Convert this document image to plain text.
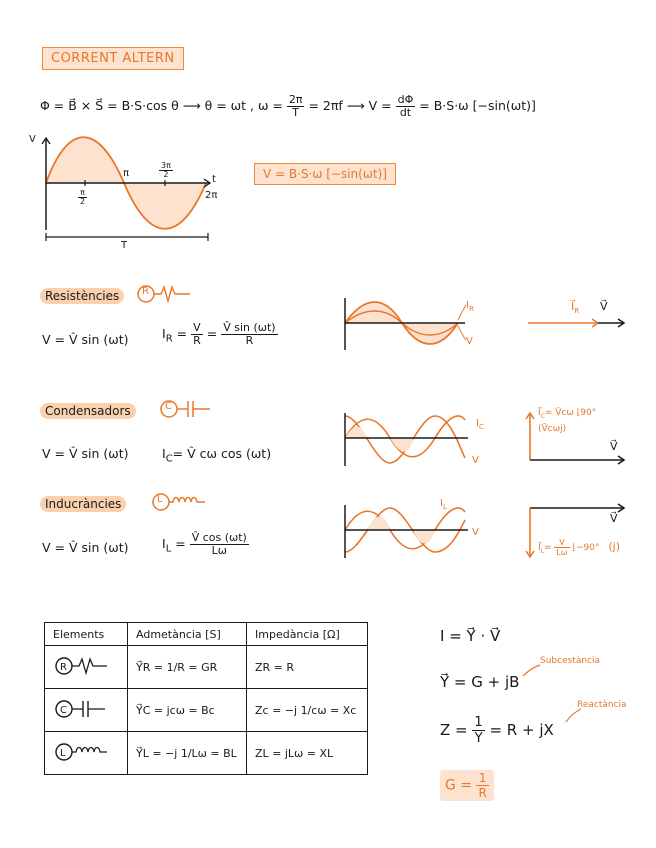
CORRENT ALTERN
Φ = B⃗ × S⃗ = B·S·cos θ ⟶ θ = ωt , $\omega = \frac{2\pi}{T} = 2\pi f$ ⟶ $V = \frac{d\Phi}{dt} = B\cdot S\cdot\omega$ [−sin(ωt)]
V
t
$\frac{\pi}{2}$
π	$\frac{3\pi}{2}$
2π
T
V = B·S·ω [−sin(ωt)]
Resistències	R
V = V̂ sin (ωt)	$I_R = \frac{V}{R} = \frac{V̂ \sin (\omega t)}{R}$
$I_R$
V
$I⃗_R$ V⃗
Condensadors	C
V = V̂ sin (ωt)	$I_C=$ V̂ cω cos (ωt)
$I_C$
V
$I⃗_C=$ V̂cω ⌊90°
(V̂cωj)
V⃗
Inducràncies	L
V = V̂ sin (ωt)	$I_L = \frac{V̂ \cos (\omega t)}{L\omega}$
$I_L$
V
V⃗
$I⃗_L= \frac{V}{L\omega}$ ⌊−90° (j)
Elements	Admetància [S]	Impedància [Ω]

R	Y⃗R = 1/R = GR	ZR = R

C	Y⃗C = jcω = Bc	Zc = −j 1/cω = Xc

L	Y⃗L = −j 1/Lω = BL	ZL = jLω = XL
I = Y⃗ · V⃗
Y⃗ = G + jB
Subcestància
$Z = \frac{1}{Y} = R$ + jX
Reactància
$G = \frac{1}{R}$
